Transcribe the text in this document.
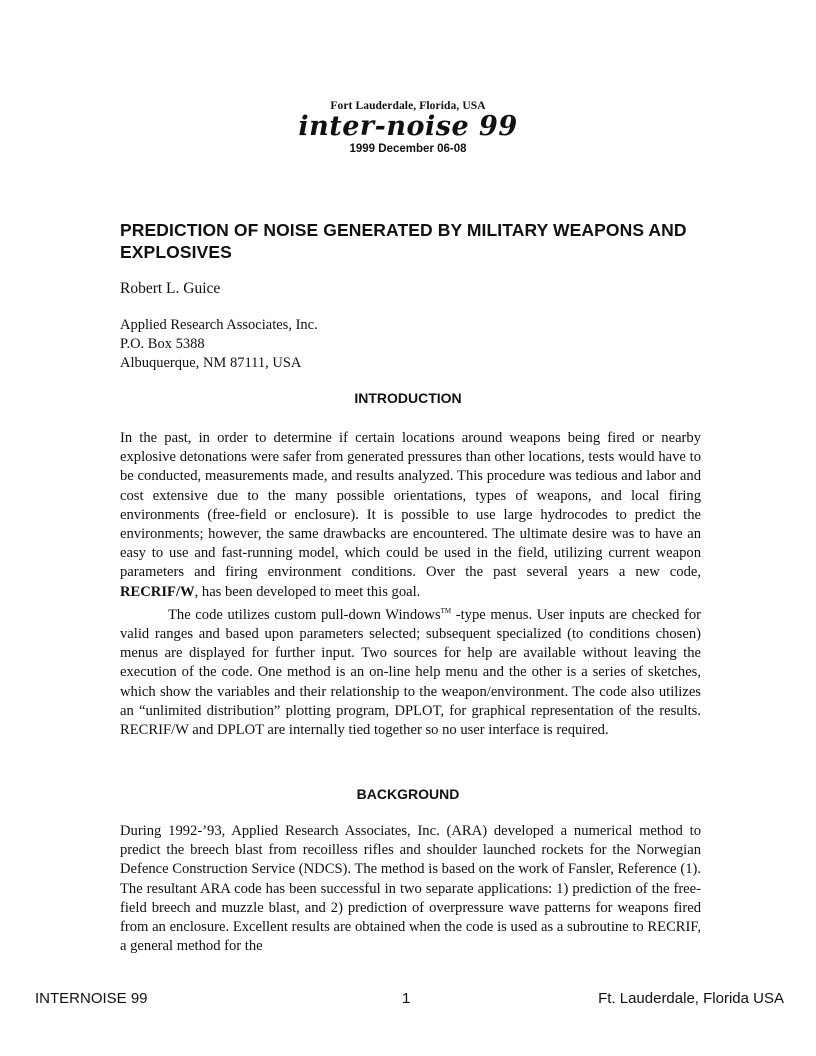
Fort Lauderdale, Florida, USA
inter-noise 99
1999 December 06-08
PREDICTION OF NOISE GENERATED BY MILITARY WEAPONS AND EXPLOSIVES
Robert L. Guice
Applied Research Associates, Inc.
P.O. Box 5388
Albuquerque, NM 87111, USA
INTRODUCTION

In the past, in order to determine if certain locations around weapons being fired or nearby explosive detonations were safer from generated pressures than other locations, tests would have to be conducted, measurements made, and results analyzed. This procedure was tedious and labor and cost extensive due to the many possible orientations, types of weapons, and local firing environments (free-field or enclosure). It is possible to use large hydrocodes to predict the environments; however, the same drawbacks are encountered. The ultimate desire was to have an easy to use and fast-running model, which could be used in the field, utilizing current weapon parameters and firing environment conditions. Over the past several years a new code, RECRIF/W, has been developed to meet this goal.

The code utilizes custom pull-down Windows™ -type menus. User inputs are checked for valid ranges and based upon parameters selected; subsequent specialized (to conditions chosen) menus are displayed for further input. Two sources for help are available without leaving the execution of the code. One method is an on-line help menu and the other is a series of sketches, which show the variables and their relationship to the weapon/environment. The code also utilizes an “unlimited distribution” plotting program, DPLOT, for graphical representation of the results. RECRIF/W and DPLOT are internally tied together so no user interface is required.

BACKGROUND

During 1992-’93, Applied Research Associates, Inc. (ARA) developed a numerical method to predict the breech blast from recoilless rifles and shoulder launched rockets for the Norwegian Defence Construction Service (NDCS). The method is based on the work of Fansler, Reference (1). The resultant ARA code has been successful in two separate applications: 1) prediction of the free-field breech and muzzle blast, and 2) prediction of overpressure wave patterns for weapons fired from an enclosure. Excellent results are obtained when the code is used as a subroutine to RECRIF, a general method for the

INTERNOISE 99	1	Ft. Lauderdale, Florida USA
